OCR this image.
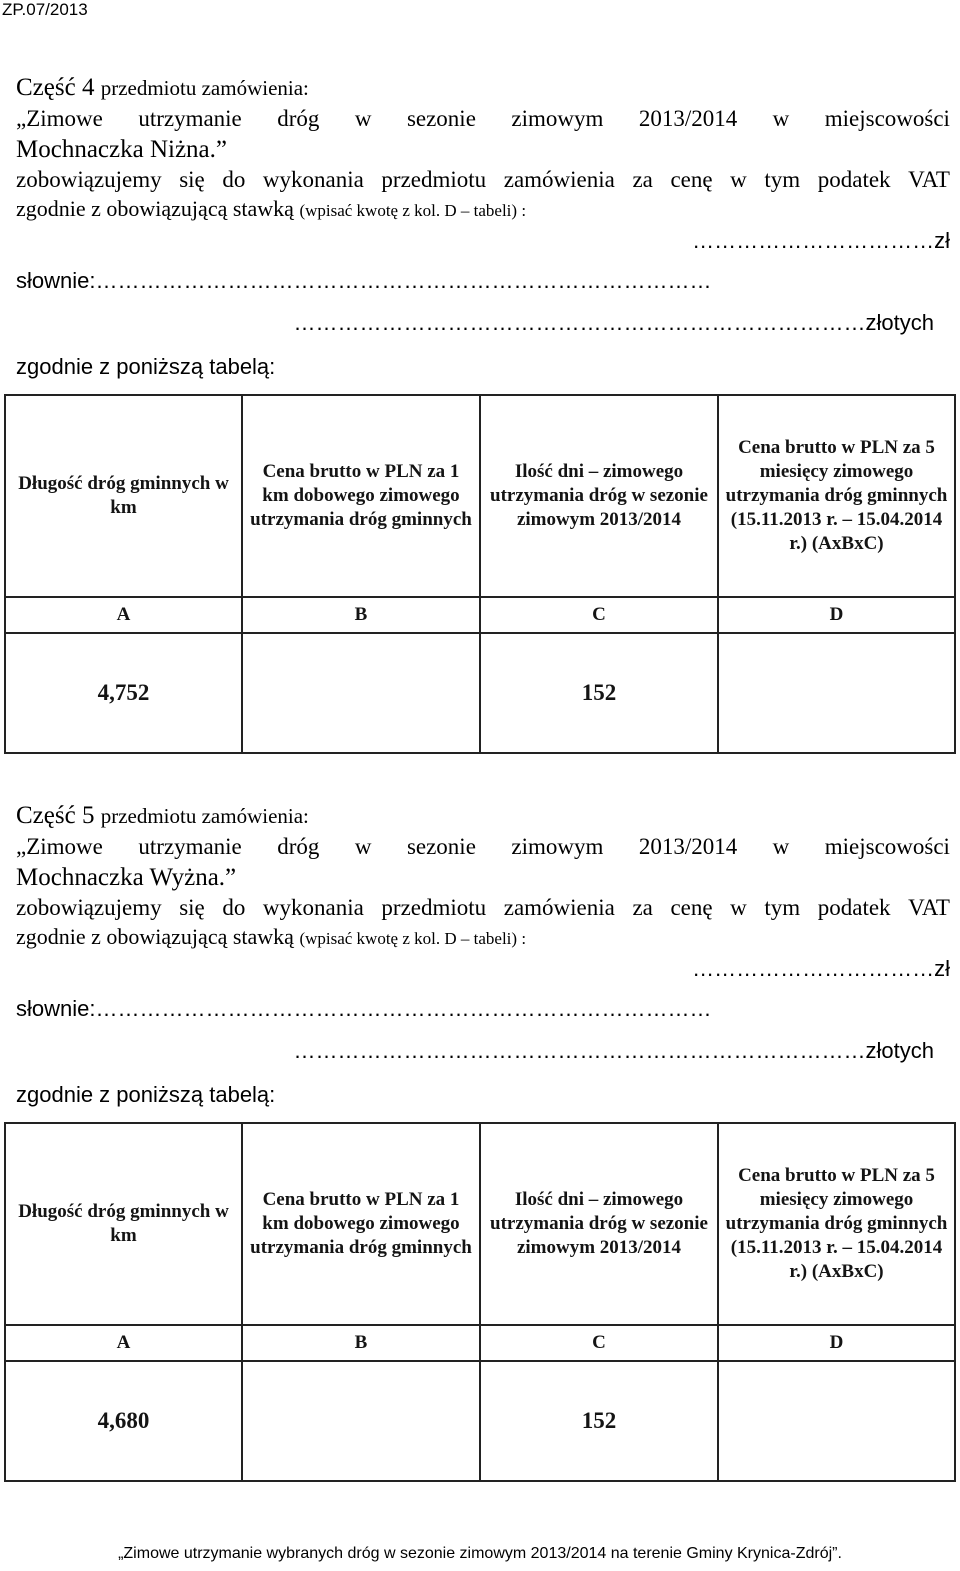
ZP.07/2013
Część 4 przedmiotu zamówienia:
„Zimowe utrzymanie dróg w sezonie zimowym 2013/2014 w miejscowości
Mochnaczka Niżna.”
zobowiązujemy się do wykonania przedmiotu zamówienia za cenę w tym podatek VAT
zgodnie z obowiązującą stawką (wpisać kwotę z kol. D – tabeli) :
……………………………zł
słownie:…………………………………………………………………………
……………………………………………………………………złotych
zgodnie z poniższą tabelą:
Długość dróg gminnych w km	Cena brutto w PLN za 1 km dobowego zimowego utrzymania dróg gminnych	Ilość dni – zimowego utrzymania dróg w sezonie zimowym 2013/2014	Cena brutto w PLN za 5 miesięcy zimowego utrzymania dróg gminnych (15.11.2013 r. – 15.04.2014 r.) (AxBxC)
A	B	C	D
4,752		152	
Część 5 przedmiotu zamówienia:
„Zimowe utrzymanie dróg w sezonie zimowym 2013/2014 w miejscowości
Mochnaczka Wyżna.”
zobowiązujemy się do wykonania przedmiotu zamówienia za cenę w tym podatek VAT
zgodnie z obowiązującą stawką (wpisać kwotę z kol. D – tabeli) :
……………………………zł
słownie:…………………………………………………………………………
……………………………………………………………………złotych
zgodnie z poniższą tabelą:
Długość dróg gminnych w km	Cena brutto w PLN za 1 km dobowego zimowego utrzymania dróg gminnych	Ilość dni – zimowego utrzymania dróg w sezonie zimowym 2013/2014	Cena brutto w PLN za 5 miesięcy zimowego utrzymania dróg gminnych (15.11.2013 r. – 15.04.2014 r.) (AxBxC)
A	B	C	D
4,680		152	
„Zimowe utrzymanie wybranych dróg w sezonie zimowym 2013/2014 na terenie Gminy Krynica-Zdrój”.
